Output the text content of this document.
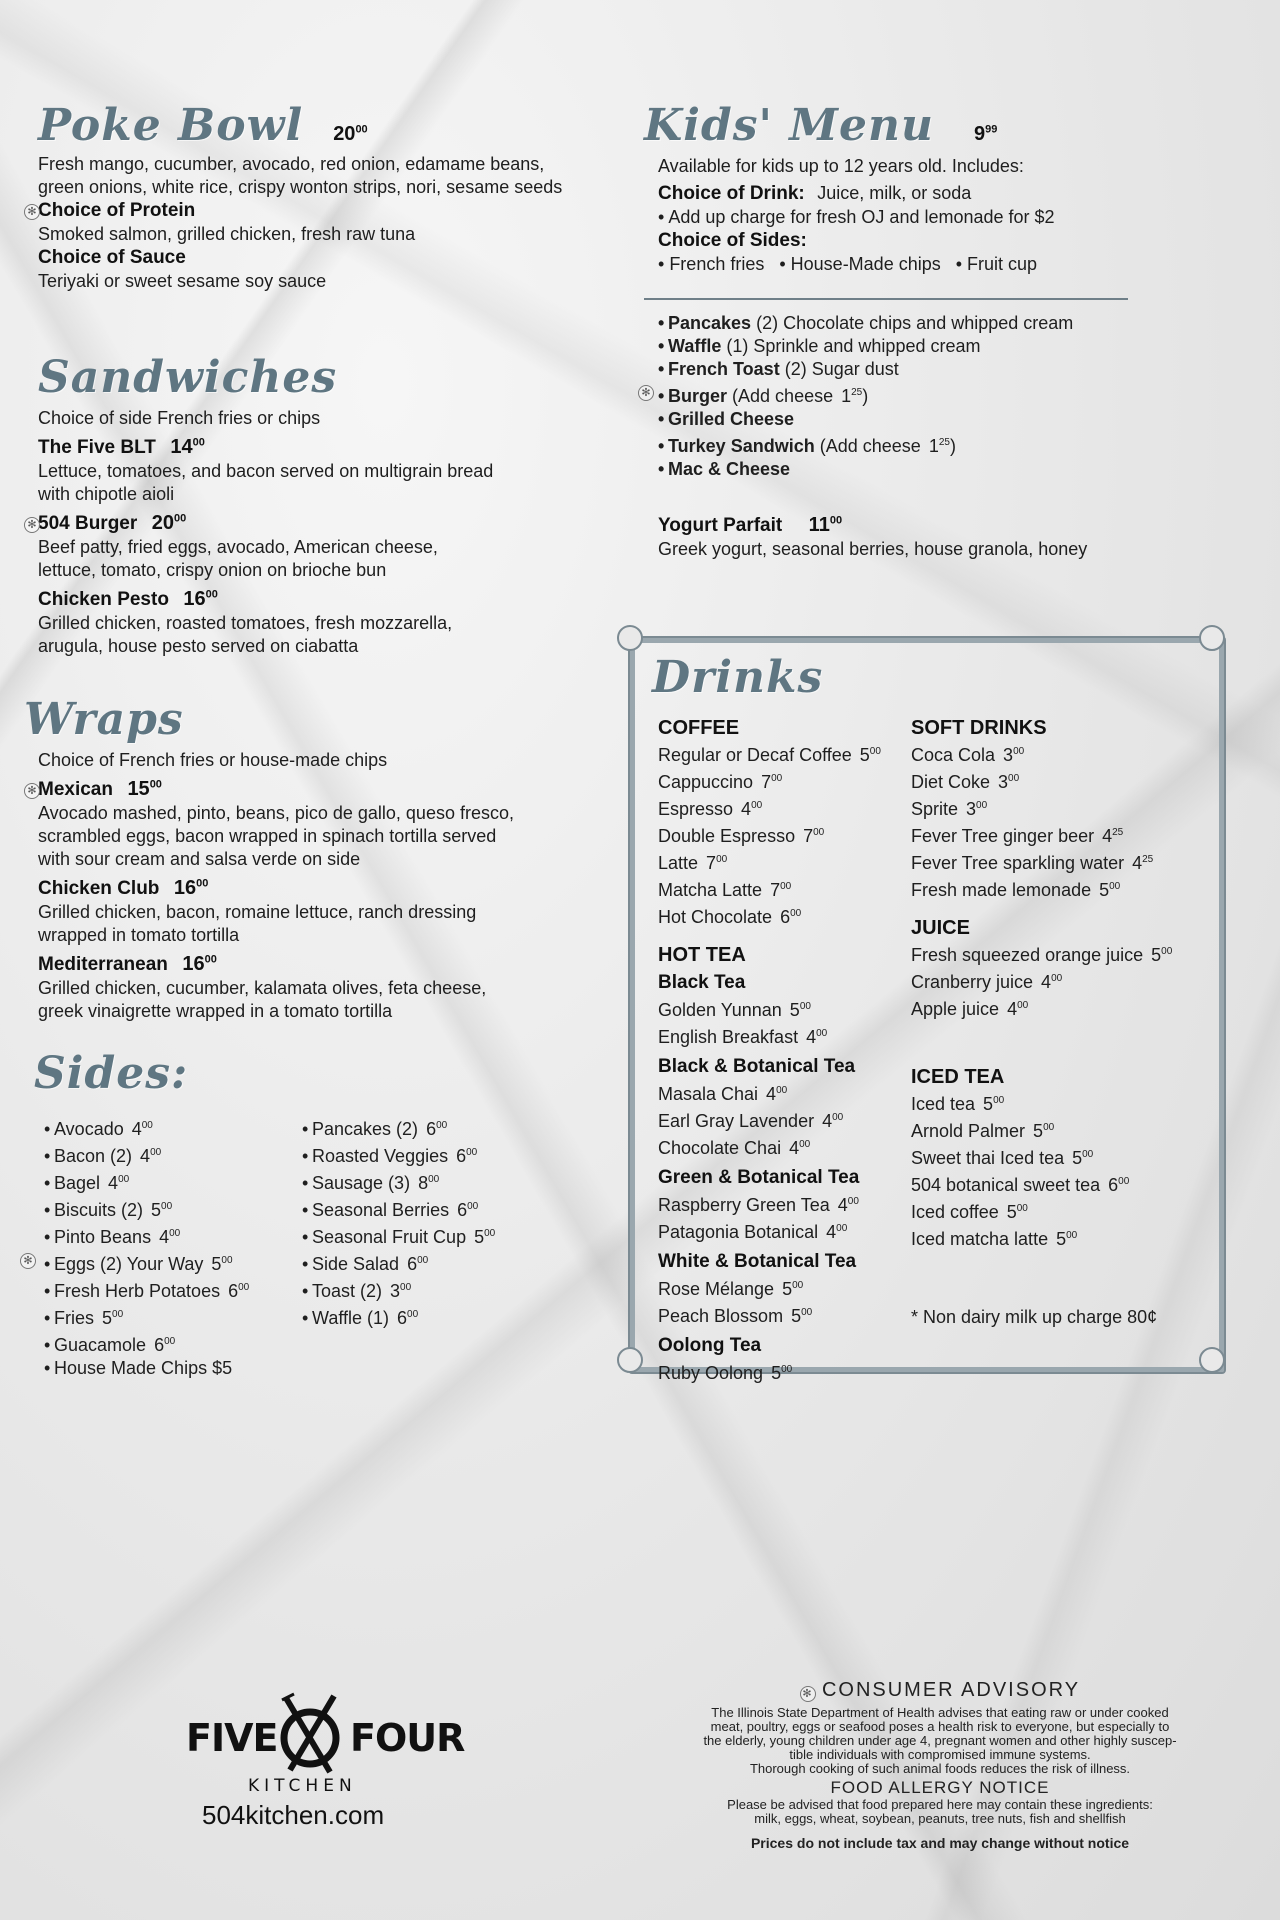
Poke Bowl $20^{00}$
Fresh mango, cucumber, avocado, red onion, edamame beans,
green onions, white rice, crispy wonton strips, nori, sesame seeds
✻ Choice of Protein
Smoked salmon, grilled chicken, fresh raw tuna
Choice of Sauce
Teriyaki or sweet sesame soy sauce
Sandwiches
Choice of side French fries or chips
The Five BLT $14^{00}$
Lettuce, tomatoes, and bacon served on multigrain bread
with chipotle aioli
✻ 504 Burger $20^{00}$
Beef patty, fried eggs, avocado, American cheese,
lettuce, tomato, crispy onion on brioche bun
Chicken Pesto $16^{00}$
Grilled chicken, roasted tomatoes, fresh mozzarella,
arugula, house pesto served on ciabatta
Wraps
Choice of French fries or house-made chips
✻ Mexican $15^{00}$
Avocado mashed, pinto, beans, pico de gallo, queso fresco,
scrambled eggs, bacon wrapped in spinach tortilla served
with sour cream and salsa verde on side
Chicken Club $16^{00}$
Grilled chicken, bacon, romaine lettuce, ranch dressing
wrapped in tomato tortilla
Mediterranean $16^{00}$
Grilled chicken, cucumber, kalamata olives, feta cheese,
greek vinaigrette wrapped in a tomato tortilla
Sides:
• Avocado $4^{00}$
• Bacon (2) $4^{00}$
• Bagel $4^{00}$
• Biscuits (2) $5^{00}$
• Pinto Beans $4^{00}$
✻ • Eggs (2) Your Way $5^{00}$
• Fresh Herb Potatoes $6^{00}$
• Fries $5^{00}$
• Guacamole $6^{00}$
• House Made Chips $5
• Pancakes (2) $6^{00}$
• Roasted Veggies $6^{00}$
• Sausage (3) $8^{00}$
• Seasonal Berries $6^{00}$
• Seasonal Fruit Cup $5^{00}$
• Side Salad $6^{00}$
• Toast (2) $3^{00}$
• Waffle (1) $6^{00}$
Kids' Menu $9^{99}$
Available for kids up to 12 years old. Includes:
Choice of Drink: Juice, milk, or soda
• Add up charge for fresh OJ and lemonade for $2
Choice of Sides:
• French fries   • House-Made chips   • Fruit cup
• Pancakes (2) Chocolate chips and whipped cream
• Waffle (1) Sprinkle and whipped cream
• French Toast (2) Sugar dust
✻ • Burger (Add cheese $1^{25}$)
• Grilled Cheese
• Turkey Sandwich (Add cheese $1^{25}$)
• Mac & Cheese
Yogurt Parfait $11^{00}$
Greek yogurt, seasonal berries, house granola, honey
Drinks
COFFEE
Regular or Decaf Coffee $5^{00}$
Cappuccino $7^{00}$
Espresso $4^{00}$
Double Espresso $7^{00}$
Latte $7^{00}$
Matcha Latte $7^{00}$
Hot Chocolate $6^{00}$
HOT TEA
Black Tea
Golden Yunnan $5^{00}$
English Breakfast $4^{00}$
Black & Botanical Tea
Masala Chai $4^{00}$
Earl Gray Lavender $4^{00}$
Chocolate Chai $4^{00}$
Green & Botanical Tea
Raspberry Green Tea $4^{00}$
Patagonia Botanical $4^{00}$
White & Botanical Tea
Rose Mélange $5^{00}$
Peach Blossom $5^{00}$
Oolong Tea
Ruby Oolong $5^{00}$
SOFT DRINKS
Coca Cola $3^{00}$
Diet Coke $3^{00}$
Sprite $3^{00}$
Fever Tree ginger beer $4^{25}$
Fever Tree sparkling water $4^{25}$
Fresh made lemonade $5^{00}$
JUICE
Fresh squeezed orange juice $5^{00}$
Cranberry juice $4^{00}$
Apple juice $4^{00}$
ICED TEA
Iced tea $5^{00}$
Arnold Palmer $5^{00}$
Sweet thai Iced tea $5^{00}$
504 botanical sweet tea $6^{00}$
Iced coffee $5^{00}$
Iced matcha latte $5^{00}$
* Non dairy milk up charge 80¢
FIVE FOUR
KITCHEN
504kitchen.com
✻ CONSUMER ADVISORY
The Illinois State Department of Health advises that eating raw or under cooked
meat, poultry, eggs or seafood poses a health risk to everyone, but especially to
the elderly, young children under age 4, pregnant women and other highly suscep-
tible individuals with compromised immune systems.
Thorough cooking of such animal foods reduces the risk of illness.
FOOD ALLERGY NOTICE
Please be advised that food prepared here may contain these ingredients:
milk, eggs, wheat, soybean, peanuts, tree nuts, fish and shellfish
Prices do not include tax and may change without notice
